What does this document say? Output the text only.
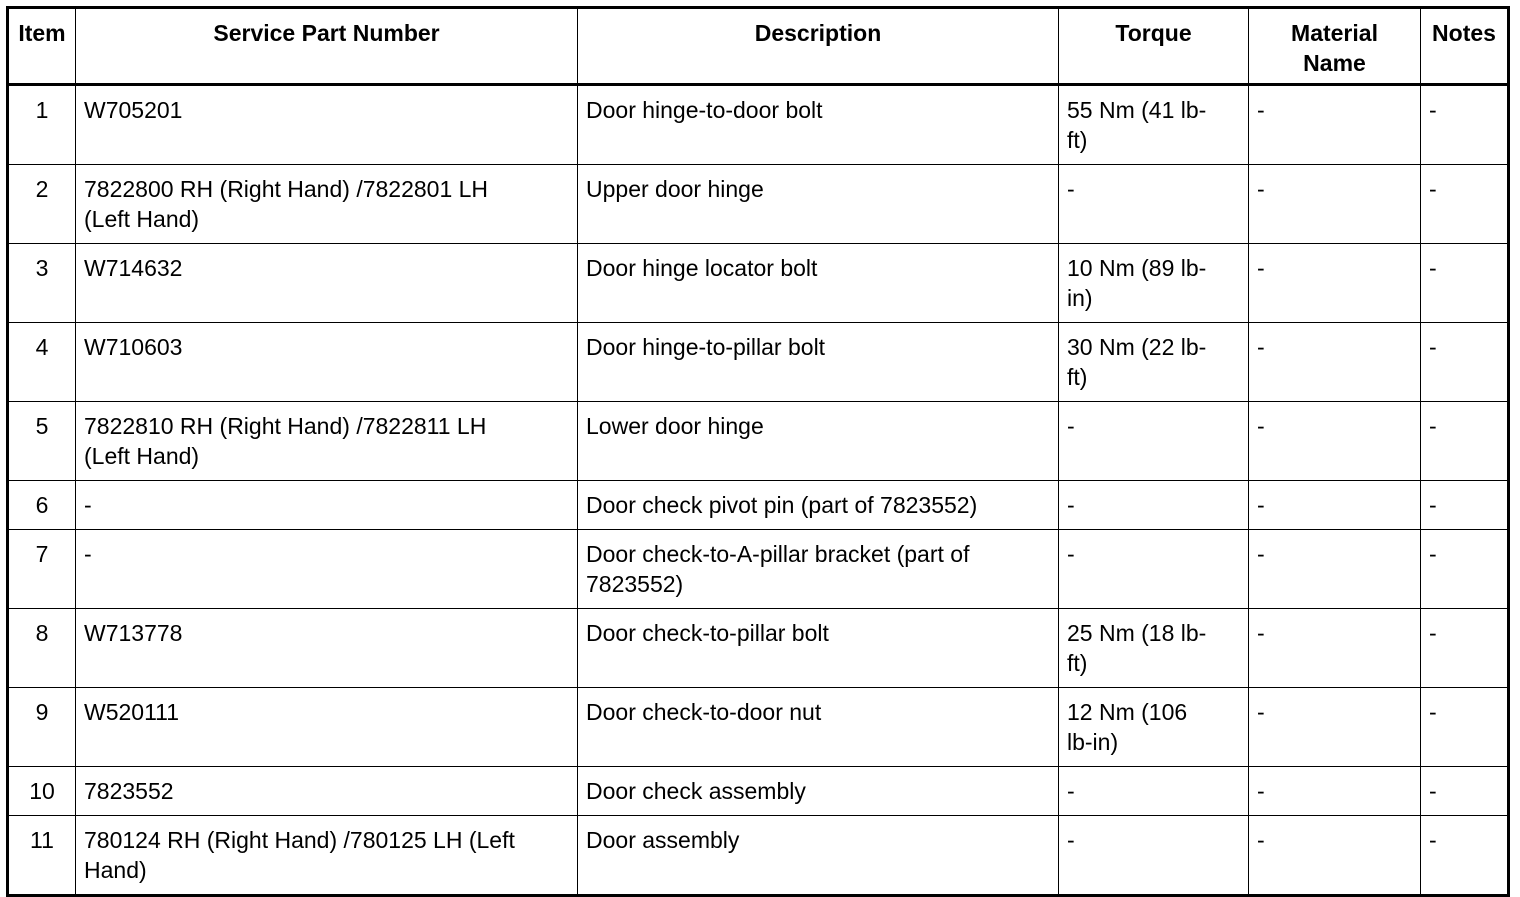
Item	Service Part Number	Description	Torque	Material Name	Notes
1	W705201	Door hinge-to-door bolt	55 Nm (41 lb-ft)	-	-
2	7822800 RH (Right Hand) /7822801 LH (Left Hand)	Upper door hinge	-	-	-
3	W714632	Door hinge locator bolt	10 Nm (89 lb-in)	-	-
4	W710603	Door hinge-to-pillar bolt	30 Nm (22 lb-ft)	-	-
5	7822810 RH (Right Hand) /7822811 LH (Left Hand)	Lower door hinge	-	-	-
6	-	Door check pivot pin (part of 7823552)	-	-	-
7	-	Door check-to-A-pillar bracket (part of 7823552)	-	-	-
8	W713778	Door check-to-pillar bolt	25 Nm (18 lb-ft)	-	-
9	W520111	Door check-to-door nut	12 Nm (106 lb-in)	-	-
10	7823552	Door check assembly	-	-	-
11	780124 RH (Right Hand) /780125 LH (Left Hand)	Door assembly	-	-	-
